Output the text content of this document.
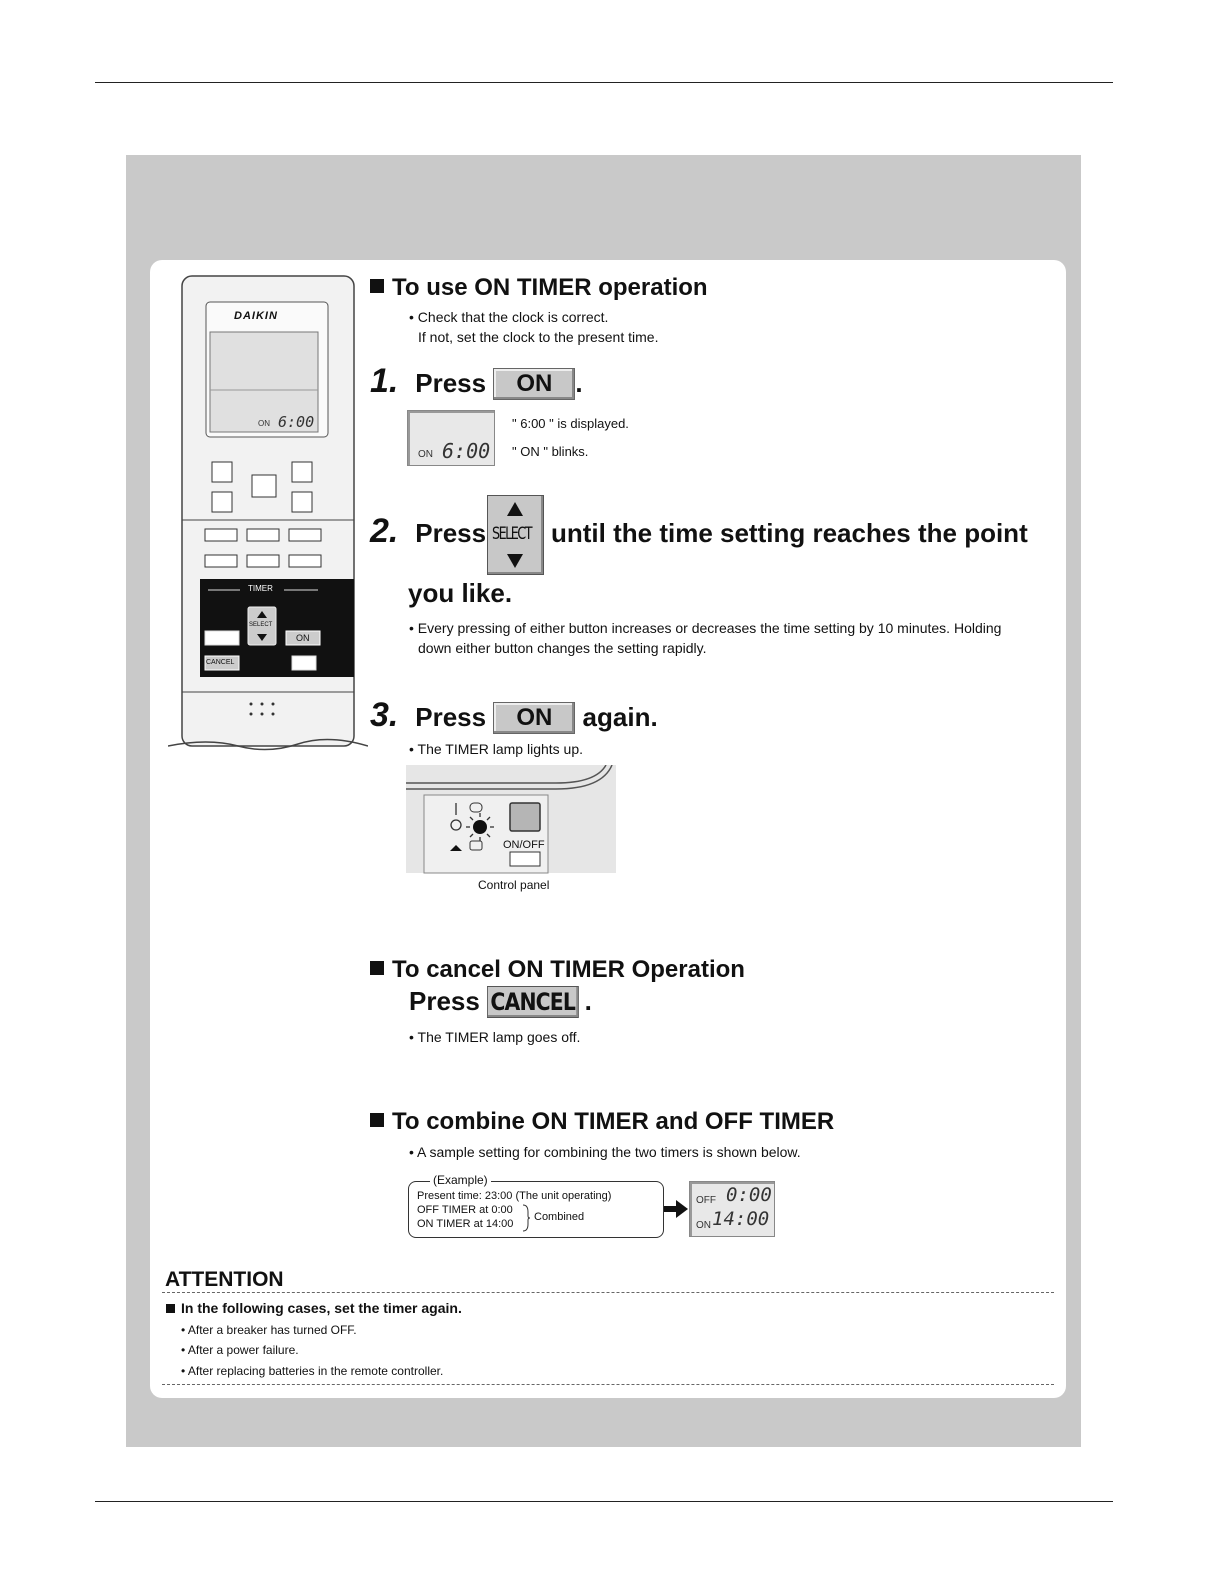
DAIKIN
ON 6:00
TIMER
SELECT
ON
CANCEL
To use ON TIMER operation
• Check that the clock is correct.
If not, set the clock to the present time.
1. Press ON .
ON 6:00
" 6:00 " is displayed.
" ON " blinks.
2. Press SELECT until the time setting reaches the point
you like.
• Every pressing of either button increases or decreases the time setting by 10 minutes. Holding
down either button changes the setting rapidly.
3. Press ON again.
• The TIMER lamp lights up.
ON/OFF
Control panel
To cancel ON TIMER Operation
Press CANCEL .
• The TIMER lamp goes off.
To combine ON TIMER and OFF TIMER
• A sample setting for combining the two timers is shown below.
(Example)
Present time: 23:00 (The unit operating)
OFF TIMER at 0:00
ON TIMER at 14:00
Combined
OFF 0:00
ON 14:00
ATTENTION
In the following cases, set the timer again.
• After a breaker has turned OFF.
• After a power failure.
• After replacing batteries in the remote controller.
